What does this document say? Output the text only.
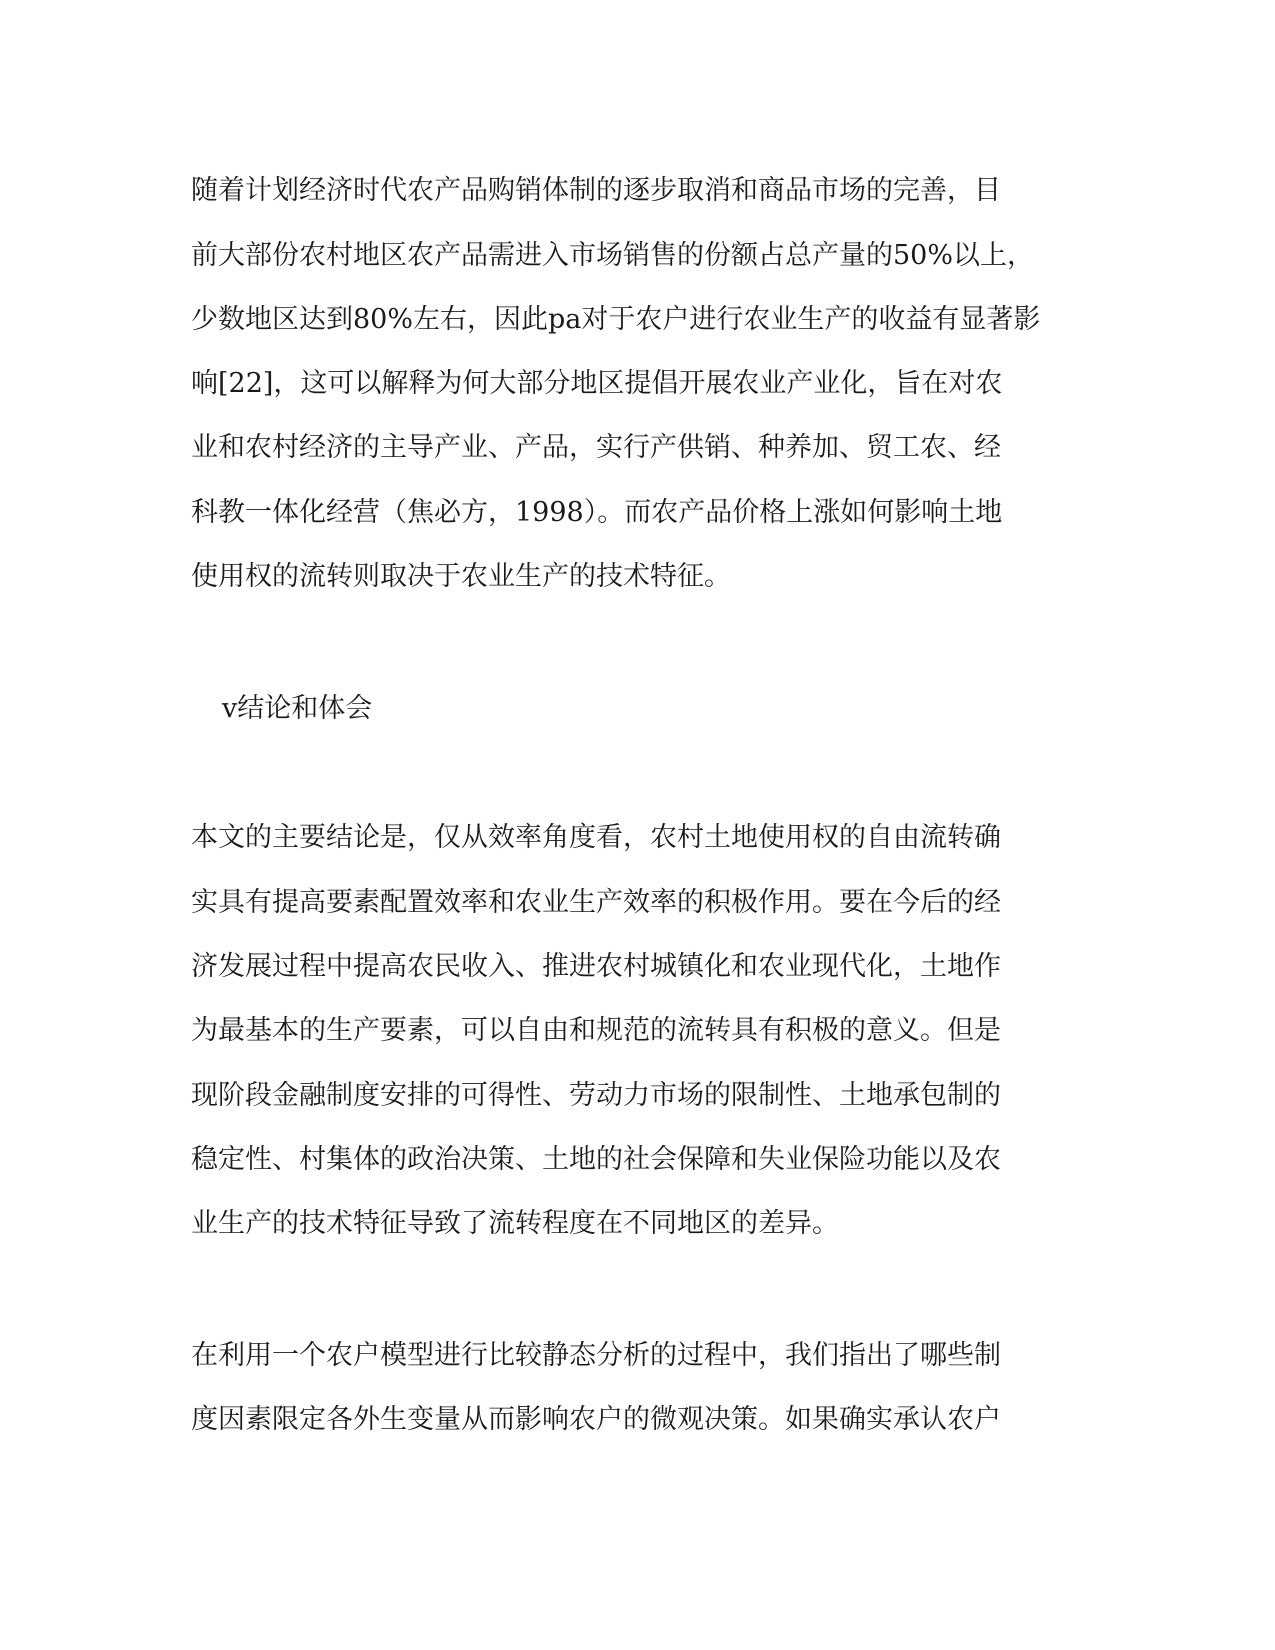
随着计划经济时代农产品购销体制的逐步取消和商品市场的完善，目
前大部份农村地区农产品需进入市场销售的份额占总产量的50%以上，
少数地区达到80%左右，因此pa对于农户进行农业生产的收益有显著影
响[22]，这可以解释为何大部分地区提倡开展农业产业化，旨在对农
业和农村经济的主导产业、产品，实行产供销、种养加、贸工农、经
科教一体化经营（焦必方，1998）。而农产品价格上涨如何影响土地
使用权的流转则取决于农业生产的技术特征。
v结论和体会
本文的主要结论是，仅从效率角度看，农村土地使用权的自由流转确
实具有提高要素配置效率和农业生产效率的积极作用。要在今后的经
济发展过程中提高农民收入、推进农村城镇化和农业现代化，土地作
为最基本的生产要素，可以自由和规范的流转具有积极的意义。但是
现阶段金融制度安排的可得性、劳动力市场的限制性、土地承包制的
稳定性、村集体的政治决策、土地的社会保障和失业保险功能以及农
业生产的技术特征导致了流转程度在不同地区的差异。
在利用一个农户模型进行比较静态分析的过程中，我们指出了哪些制
度因素限定各外生变量从而影响农户的微观决策。如果确实承认农户
